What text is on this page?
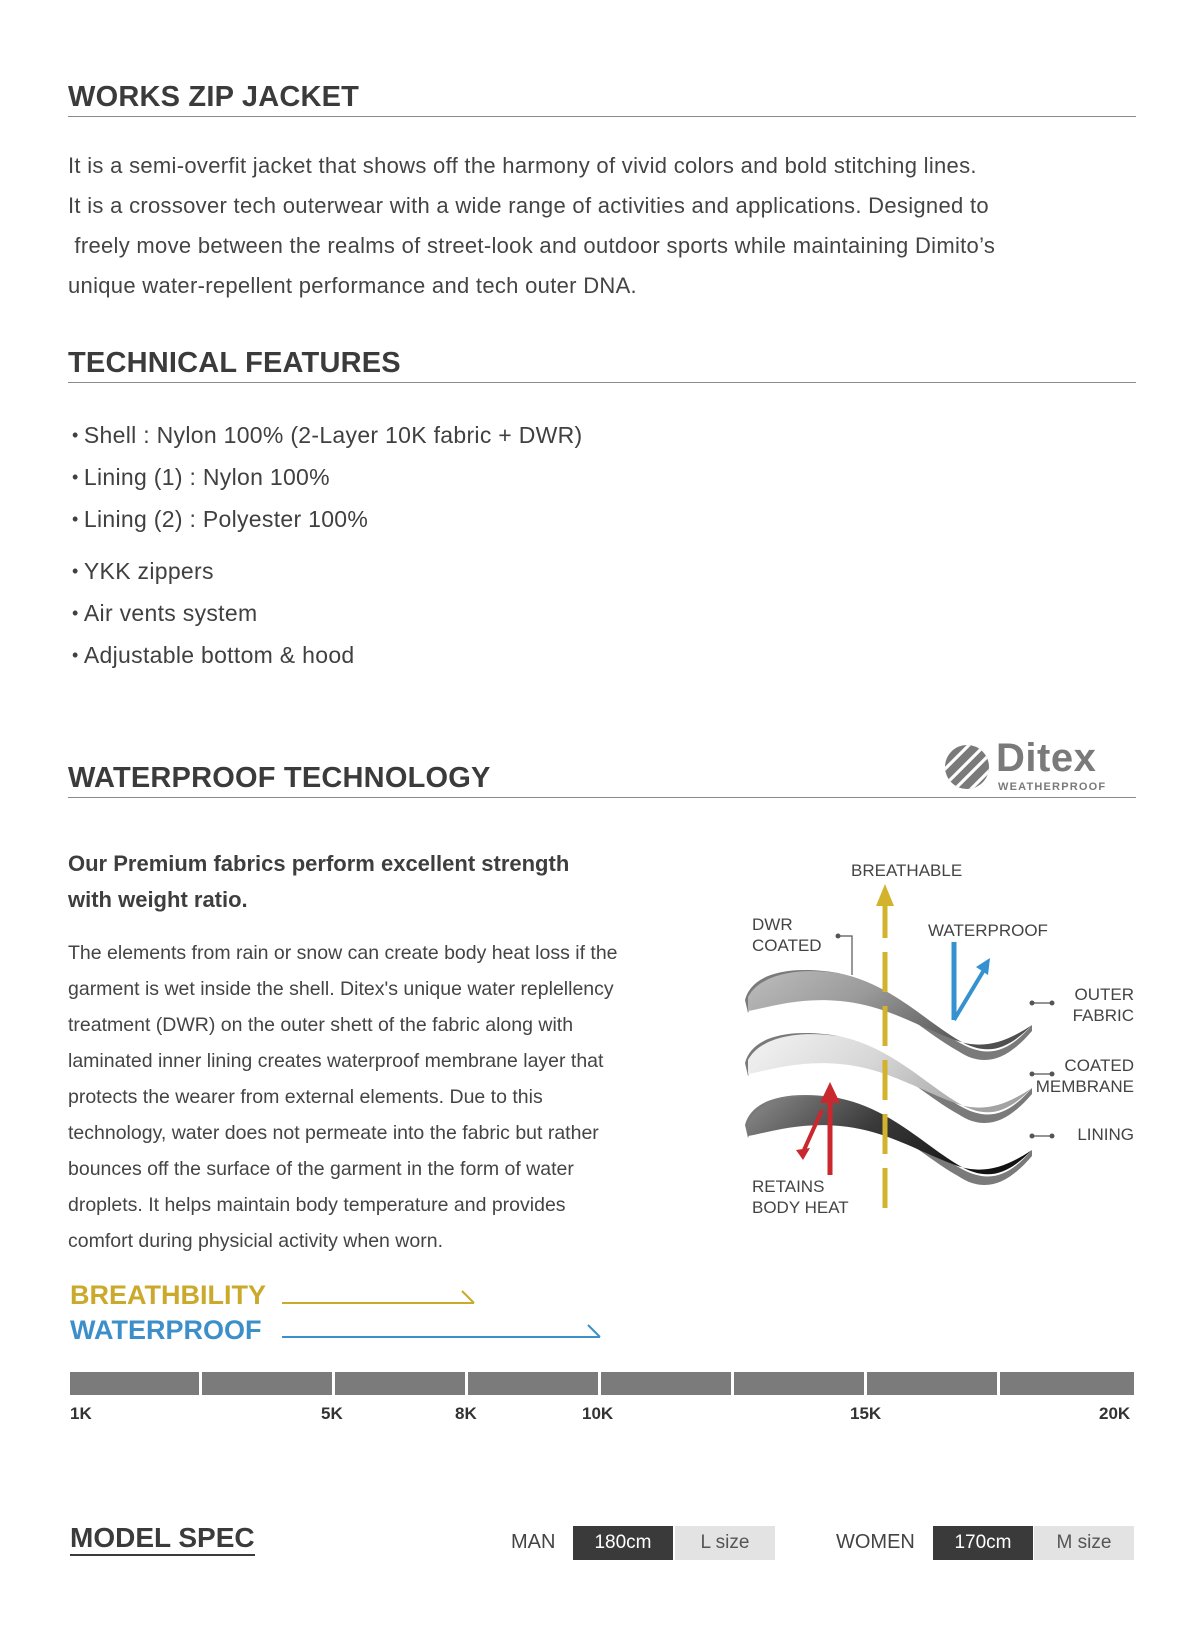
WORKS ZIP JACKET
It is a semi-overfit jacket that shows off the harmony of vivid colors and bold stitching lines.
It is a crossover tech outerwear with a wide range of activities and applications. Designed to
freely move between the realms of street-look and outdoor sports while maintaining Dimito’s
unique water-repellent performance and tech outer DNA.
TECHNICAL FEATURES
• Shell : Nylon 100% (2-Layer 10K fabric + DWR)
• Lining (1) : Nylon 100%
• Lining (2) : Polyester 100%
• YKK zippers
• Air vents system
• Adjustable bottom & hood
WATERPROOF TECHNOLOGY	Ditex
WEATHERPROOF
Our Premium fabrics perform excellent strength
with weight ratio.
The elements from rain or snow can create body heat loss if the
garment is wet inside the shell. Ditex's unique water replellency
treatment (DWR) on the outer shett of the fabric along with
laminated inner lining creates waterproof membrane layer that
protects the wearer from external elements. Due to this
technology, water does not permeate into the fabric but rather
bounces off the surface of the garment in the form of water
droplets. It helps maintain body temperature and provides
comfort during physicial activity when worn.
BREATHABLE
DWR
COATED
WATERPROOF
OUTER
FABRIC
COATED
MEMBRANE
LINING
RETAINS
BODY HEAT
BREATHBILITY
WATERPROOF
1K	5K	8K	10K	15K	20K
MODEL SPEC	MAN	180cm	L size	WOMEN	170cm	M size
